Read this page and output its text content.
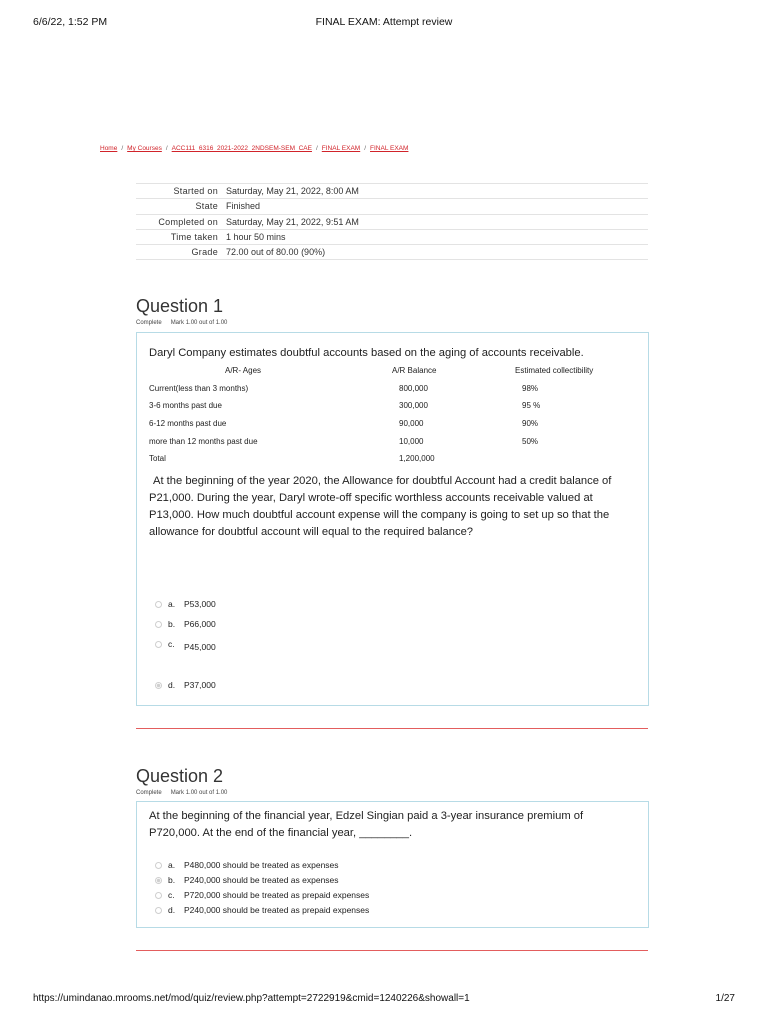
6/6/22, 1:52 PM	FINAL EXAM: Attempt review
Home / My Courses / ACC111_6316_2021-2022_2NDSEM-SEM_CAE / FINAL EXAM / FINAL EXAM
Started on	Saturday, May 21, 2022, 8:00 AM
State	Finished
Completed on	Saturday, May 21, 2022, 9:51 AM
Time taken	1 hour 50 mins
Grade	72.00 out of 80.00 (90%)
Question 1
Complete Mark 1.00 out of 1.00
Daryl Company estimates doubtful accounts based on the aging of accounts receivable.
A/R- Ages	A/R Balance	Estimated collectibility
Current(less than 3 months)	800,000	98%
3-6 months past due	300,000	95 %
6-12 months past due	90,000	90%
more than 12 months past due	10,000	50%
Total	1,200,000
At the beginning of the year 2020, the Allowance for doubtful Account had a credit balance of P21,000. During the year, Daryl wrote-off specific worthless accounts receivable valued at P13,000. How much doubtful account expense will the company is going to set up so that the allowance for doubtful account will equal to the required balance?
a. P53,000
b. P66,000
c. P45,000
d. P37,000
Question 2
Complete Mark 1.00 out of 1.00
At the beginning of the financial year, Edzel Singian paid a 3-year insurance premium of P720,000. At the end of the financial year, ________.
a. P480,000 should be treated as expenses
b. P240,000 should be treated as expenses
c. P720,000 should be treated as prepaid expenses
d. P240,000 should be treated as prepaid expenses
https://umindanao.mrooms.net/mod/quiz/review.php?attempt=2722919&cmid=1240226&showall=1	1/27
